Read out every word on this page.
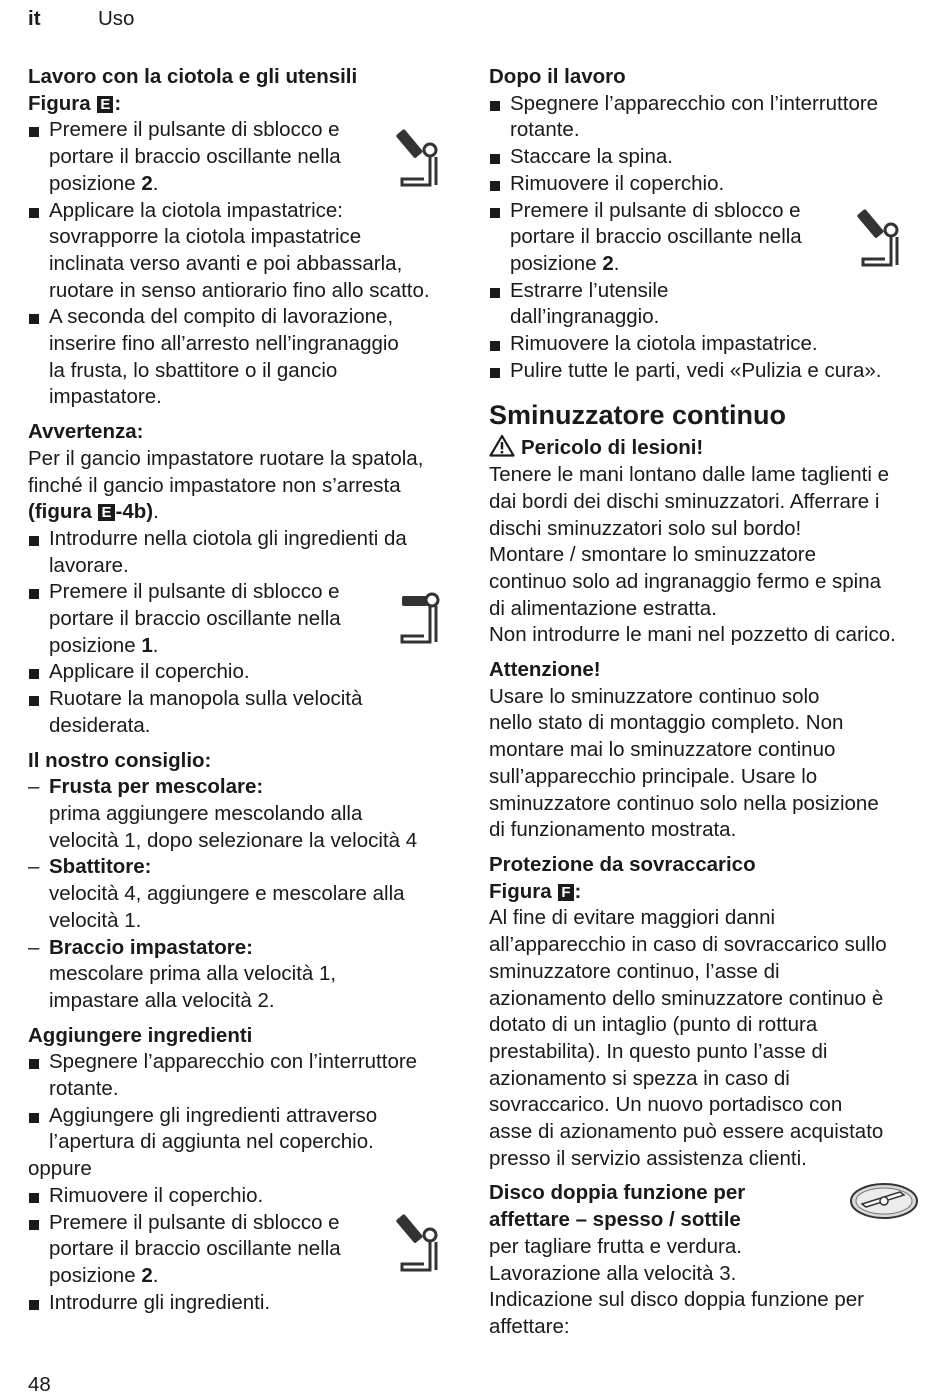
it	Uso

Lavoro con la ciotola e gli utensili

Figura E :

Premere il pulsante di sblocco e
portare il braccio oscillante nella
posizione 2.
Applicare la ciotola impastatrice:
sovrapporre la ciotola impastatrice
inclinata verso avanti e poi abbassarla,
ruotare in senso antiorario fino allo scatto.
A seconda del compito di lavorazione,
inserire fino all’arresto nell’ingranaggio
la frusta, lo sbattitore o il gancio
impastatore.

Avvertenza:

Per il gancio impastatore ruotare la spatola,
finché il gancio impastatore non s’arresta
(figura E -4b).
Introdurre nella ciotola gli ingredienti da
lavorare.
Premere il pulsante di sblocco e
portare il braccio oscillante nella
posizione 1.
Applicare il coperchio.
Ruotare la manopola sulla velocità
desiderata.

Il nostro consiglio:

– Frusta per mescolare:
prima aggiungere mescolando alla
velocità 1, dopo selezionare la velocità 4
– Sbattitore:
velocità 4, aggiungere e mescolare alla
velocità 1.
– Braccio impastatore:
mescolare prima alla velocità 1,
impastare alla velocità 2.

Aggiungere ingredienti

Spegnere l’apparecchio con l’interruttore
rotante.
Aggiungere gli ingredienti attraverso
l’apertura di aggiunta nel coperchio.
oppure
Rimuovere il coperchio.
Premere il pulsante di sblocco e
portare il braccio oscillante nella
posizione 2.
Introdurre gli ingredienti.

Dopo il lavoro

Spegnere l’apparecchio con l’interruttore
rotante.
Staccare la spina.
Rimuovere il coperchio.
Premere il pulsante di sblocco e
portare il braccio oscillante nella
posizione 2.
Estrarre l’utensile
dall’ingranaggio.
Rimuovere la ciotola impastatrice.
Pulire tutte le parti, vedi «Pulizia e cura».

Sminuzzatore continuo

Pericolo di lesioni!

Tenere le mani lontano dalle lame taglienti e
dai bordi dei dischi sminuzzatori. Afferrare i
dischi sminuzzatori solo sul bordo!
Montare / smontare lo sminuzzatore
continuo solo ad ingranaggio fermo e spina
di alimentazione estratta.
Non introdurre le mani nel pozzetto di carico.

Attenzione!

Usare lo sminuzzatore continuo solo
nello stato di montaggio completo. Non
montare mai lo sminuzzatore continuo
sull’apparecchio principale. Usare lo
sminuzzatore continuo solo nella posizione
di funzionamento mostrata.

Protezione da sovraccarico

Figura F :

Al fine di evitare maggiori danni
all’apparecchio in caso di sovraccarico sullo
sminuzzatore continuo, l’asse di
azionamento dello sminuzzatore continuo è
dotato di un intaglio (punto di rottura
prestabilita). In questo punto l’asse di
azionamento si spezza in caso di
sovraccarico. Un nuovo portadisco con
asse di azionamento può essere acquistato
presso il servizio assistenza clienti.

Disco doppia funzione per
affettare – spesso / sottile

per tagliare frutta e verdura.
Lavorazione alla velocità 3.
Indicazione sul disco doppia funzione per
affettare:
48
